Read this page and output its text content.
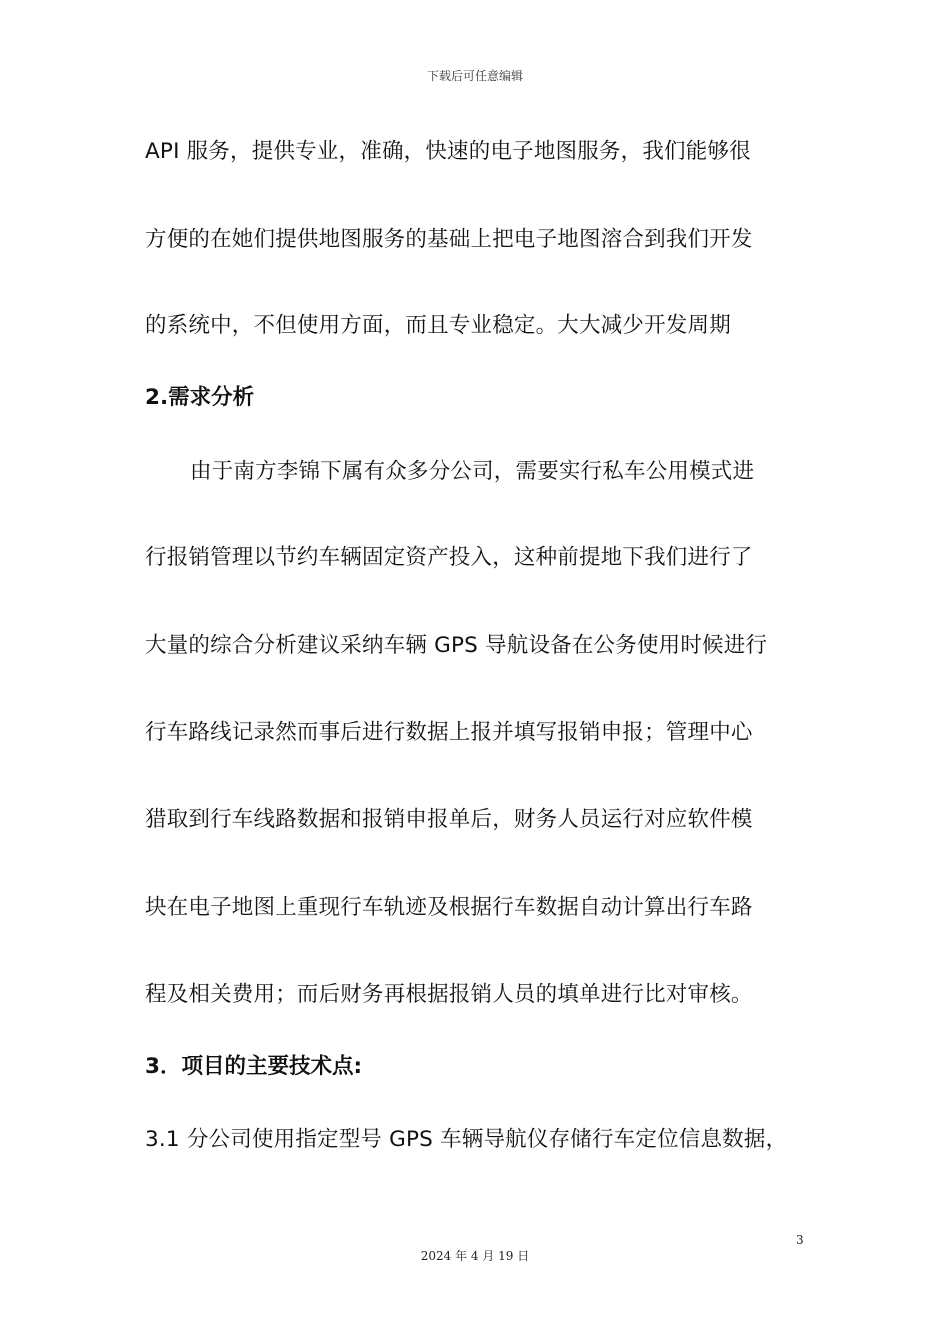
下载后可任意编辑
API 服务，提供专业，准确，快速的电子地图服务，我们能够很
方便的在她们提供地图服务的基础上把电子地图溶合到我们开发
的系统中，不但使用方面，而且专业稳定。大大减少开发周期
2.需求分析
由于南方李锦下属有众多分公司，需要实行私车公用模式进
行报销管理以节约车辆固定资产投入，这种前提地下我们进行了
大量的综合分析建议采纳车辆 GPS 导航设备在公务使用时候进行
行车路线记录然而事后进行数据上报并填写报销申报；管理中心
猎取到行车线路数据和报销申报单后，财务人员运行对应软件模
块在电子地图上重现行车轨迹及根据行车数据自动计算出行车路
程及相关费用；而后财务再根据报销人员的填单进行比对审核。
3．项目的主要技术点:
3.1 分公司使用指定型号 GPS 车辆导航仪存储行车定位信息数据，
3
2024 年 4 月 19 日
